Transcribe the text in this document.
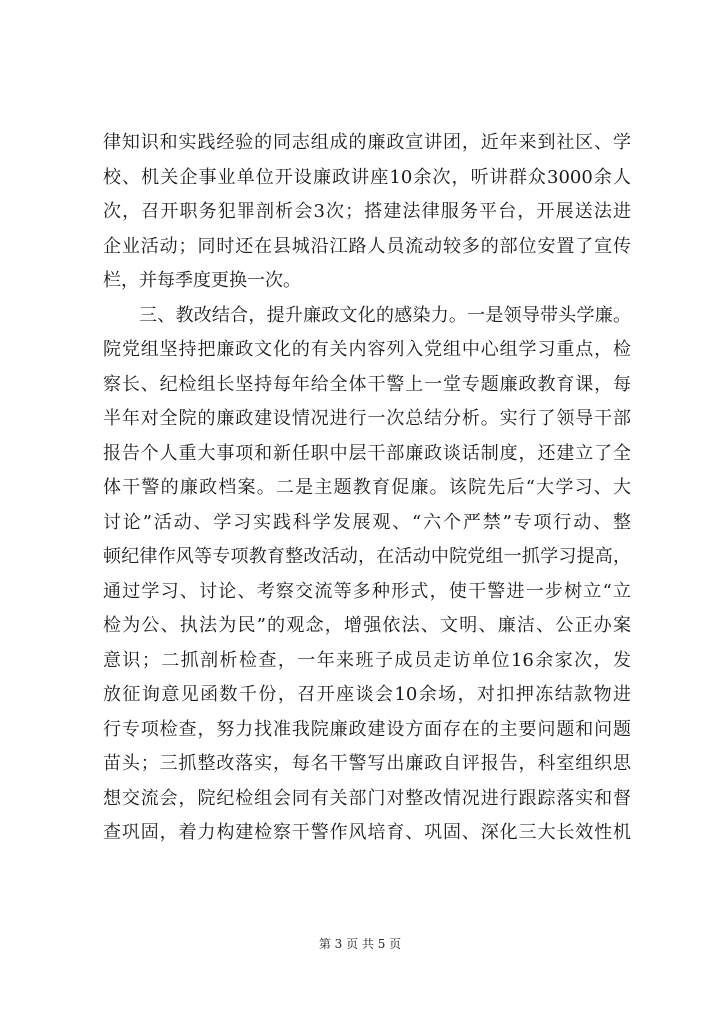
律知识和实践经验的同志组成的廉政宣讲团，近年来到社区、学
校、机关企事业单位开设廉政讲座10余次，听讲群众3000余人
次，召开职务犯罪剖析会3次；搭建法律服务平台，开展送法进
企业活动；同时还在县城沿江路人员流动较多的部位安置了宣传
栏，并每季度更换一次。
三、教改结合，提升廉政文化的感染力。一是领导带头学廉。
院党组坚持把廉政文化的有关内容列入党组中心组学习重点，检
察长、纪检组长坚持每年给全体干警上一堂专题廉政教育课，每
半年对全院的廉政建设情况进行一次总结分析。实行了领导干部
报告个人重大事项和新任职中层干部廉政谈话制度，还建立了全
体干警的廉政档案。二是主题教育促廉。该院先后“大学习、大
讨论”活动、学习实践科学发展观、“六个严禁”专项行动、整
顿纪律作风等专项教育整改活动，在活动中院党组一抓学习提高，
通过学习、讨论、考察交流等多种形式，使干警进一步树立“立
检为公、执法为民”的观念，增强依法、文明、廉洁、公正办案
意识；二抓剖析检查，一年来班子成员走访单位16余家次，发
放征询意见函数千份，召开座谈会10余场，对扣押冻结款物进
行专项检查，努力找准我院廉政建设方面存在的主要问题和问题
苗头；三抓整改落实，每名干警写出廉政自评报告，科室组织思
想交流会，院纪检组会同有关部门对整改情况进行跟踪落实和督
查巩固，着力构建检察干警作风培育、巩固、深化三大长效性机
第 3 页 共 5 页
